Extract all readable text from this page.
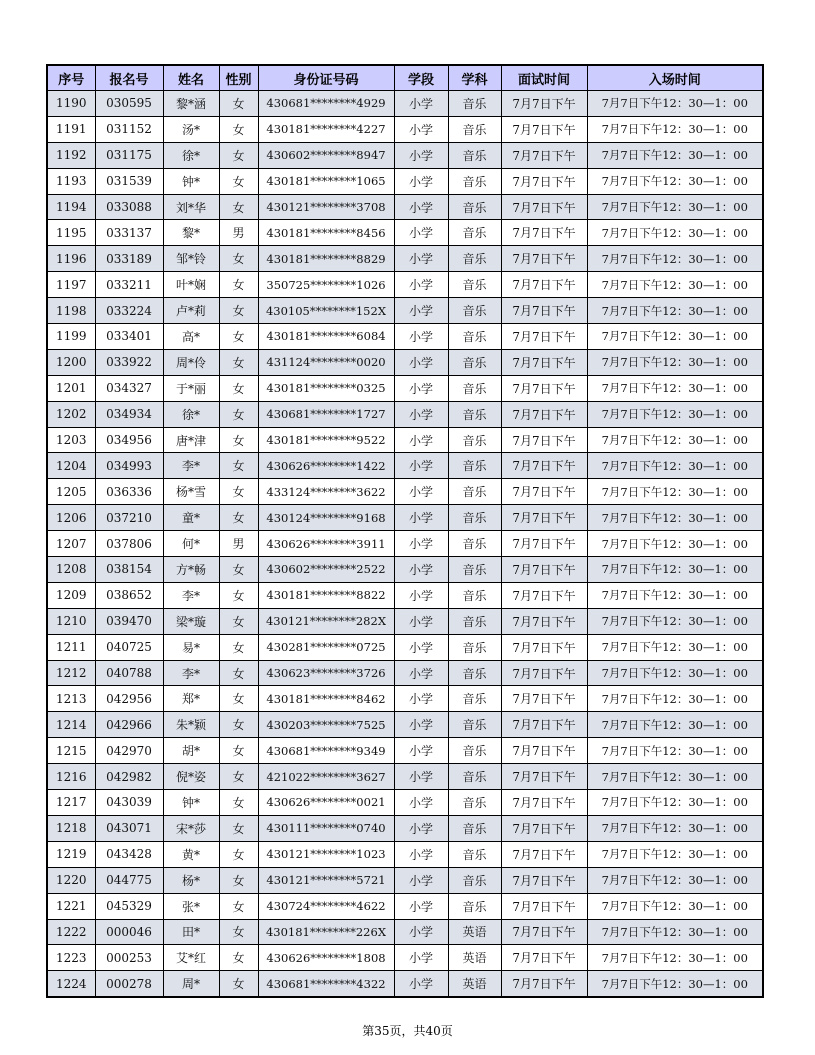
序号	报名号	姓名	性别	身份证号码	学段	学科	面试时间	入场时间
1190	030595	黎*涵	女	430681********4929	小学	音乐	7月7日下午	7月7日下午12：30—1：00
1191	031152	汤*	女	430181********4227	小学	音乐	7月7日下午	7月7日下午12：30—1：00
1192	031175	徐*	女	430602********8947	小学	音乐	7月7日下午	7月7日下午12：30—1：00
1193	031539	钟*	女	430181********1065	小学	音乐	7月7日下午	7月7日下午12：30—1：00
1194	033088	刘*华	女	430121********3708	小学	音乐	7月7日下午	7月7日下午12：30—1：00
1195	033137	黎*	男	430181********8456	小学	音乐	7月7日下午	7月7日下午12：30—1：00
1196	033189	邹*铃	女	430181********8829	小学	音乐	7月7日下午	7月7日下午12：30—1：00
1197	033211	叶*娴	女	350725********1026	小学	音乐	7月7日下午	7月7日下午12：30—1：00
1198	033224	卢*莉	女	430105********152X	小学	音乐	7月7日下午	7月7日下午12：30—1：00
1199	033401	高*	女	430181********6084	小学	音乐	7月7日下午	7月7日下午12：30—1：00
1200	033922	周*伶	女	431124********0020	小学	音乐	7月7日下午	7月7日下午12：30—1：00
1201	034327	于*丽	女	430181********0325	小学	音乐	7月7日下午	7月7日下午12：30—1：00
1202	034934	徐*	女	430681********1727	小学	音乐	7月7日下午	7月7日下午12：30—1：00
1203	034956	唐*津	女	430181********9522	小学	音乐	7月7日下午	7月7日下午12：30—1：00
1204	034993	李*	女	430626********1422	小学	音乐	7月7日下午	7月7日下午12：30—1：00
1205	036336	杨*雪	女	433124********3622	小学	音乐	7月7日下午	7月7日下午12：30—1：00
1206	037210	童*	女	430124********9168	小学	音乐	7月7日下午	7月7日下午12：30—1：00
1207	037806	何*	男	430626********3911	小学	音乐	7月7日下午	7月7日下午12：30—1：00
1208	038154	方*畅	女	430602********2522	小学	音乐	7月7日下午	7月7日下午12：30—1：00
1209	038652	李*	女	430181********8822	小学	音乐	7月7日下午	7月7日下午12：30—1：00
1210	039470	梁*璇	女	430121********282X	小学	音乐	7月7日下午	7月7日下午12：30—1：00
1211	040725	易*	女	430281********0725	小学	音乐	7月7日下午	7月7日下午12：30—1：00
1212	040788	李*	女	430623********3726	小学	音乐	7月7日下午	7月7日下午12：30—1：00
1213	042956	郑*	女	430181********8462	小学	音乐	7月7日下午	7月7日下午12：30—1：00
1214	042966	朱*颖	女	430203********7525	小学	音乐	7月7日下午	7月7日下午12：30—1：00
1215	042970	胡*	女	430681********9349	小学	音乐	7月7日下午	7月7日下午12：30—1：00
1216	042982	倪*姿	女	421022********3627	小学	音乐	7月7日下午	7月7日下午12：30—1：00
1217	043039	钟*	女	430626********0021	小学	音乐	7月7日下午	7月7日下午12：30—1：00
1218	043071	宋*莎	女	430111********0740	小学	音乐	7月7日下午	7月7日下午12：30—1：00
1219	043428	黄*	女	430121********1023	小学	音乐	7月7日下午	7月7日下午12：30—1：00
1220	044775	杨*	女	430121********5721	小学	音乐	7月7日下午	7月7日下午12：30—1：00
1221	045329	张*	女	430724********4622	小学	音乐	7月7日下午	7月7日下午12：30—1：00
1222	000046	田*	女	430181********226X	小学	英语	7月7日下午	7月7日下午12：30—1：00
1223	000253	艾*红	女	430626********1808	小学	英语	7月7日下午	7月7日下午12：30—1：00
1224	000278	周*	女	430681********4322	小学	英语	7月7日下午	7月7日下午12：30—1：00
第35页，共40页
